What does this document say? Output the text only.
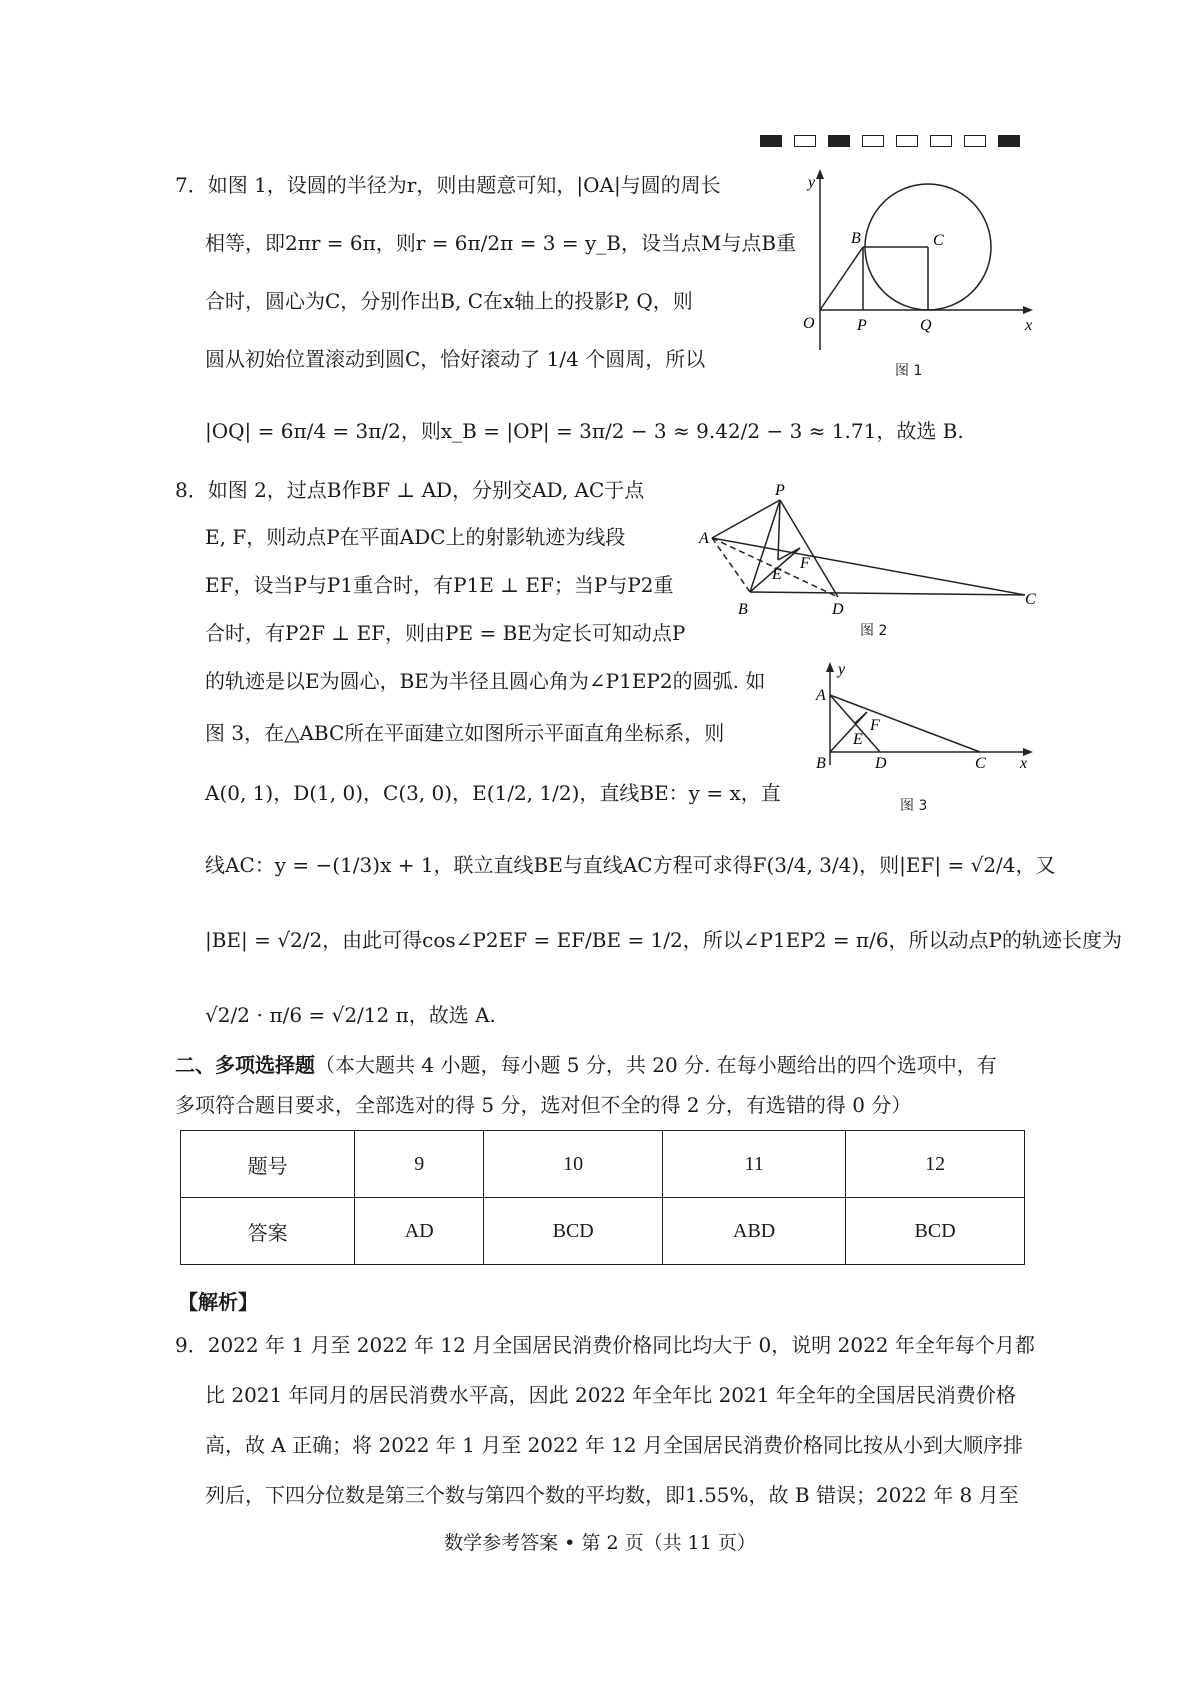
7．如图 1，设圆的半径为r，则由题意可知，|OA|与圆的周长
相等，即2πr = 6π，则r = 6π/2π = 3 = y_B，设当点M与点B重
合时，圆心为C，分别作出B, C在x轴上的投影P, Q，则
圆从初始位置滚动到圆C，恰好滚动了 1/4 个圆周，所以
|OQ| = 6π/4 = 3π/2，则x_B = |OP| = 3π/2 − 3 ≈ 9.42/2 − 3 ≈ 1.71，故选 B.
y
x
O	P	Q
B	C
图 1
8．如图 2，过点B作BF ⊥ AD，分别交AD, AC于点
E, F，则动点P在平面ADC上的射影轨迹为线段
EF，设当P与P1重合时，有P1E ⊥ EF；当P与P2重
合时，有P2F ⊥ EF，则由PE = BE为定长可知动点P
的轨迹是以E为圆心，BE为半径且圆心角为∠P1EP2的圆弧. 如
图 3，在△ABC所在平面建立如图所示平面直角坐标系，则
A(0, 1)，D(1, 0)，C(3, 0)，E(1/2, 1/2)，直线BE：y = x，直
线AC：y = −(1/3)x + 1，联立直线BE与直线AC方程可求得F(3/4, 3/4)，则|EF| = √2/4，又
|BE| = √2/2，由此可得cos∠P2EF = EF/BE = 1/2，所以∠P1EP2 = π/6，所以动点P的轨迹长度为
√2/2 ⋅ π/6 = √2/12 π，故选 A.
P
A
F
E
B	D
C
图 2
y
A
F
E
B	D	C x
图 3
二、多项选择题（本大题共 4 小题，每小题 5 分，共 20 分. 在每小题给出的四个选项中，有
多项符合题目要求，全部选对的得 5 分，选对但不全的得 2 分，有选错的得 0 分）
题号	9	10	11	12
答案	AD	BCD	ABD	BCD
【解析】
9．2022 年 1 月至 2022 年 12 月全国居民消费价格同比均大于 0，说明 2022 年全年每个月都
比 2021 年同月的居民消费水平高，因此 2022 年全年比 2021 年全年的全国居民消费价格
高，故 A 正确；将 2022 年 1 月至 2022 年 12 月全国居民消费价格同比按从小到大顺序排
列后，下四分位数是第三个数与第四个数的平均数，即1.55%，故 B 错误；2022 年 8 月至
数学参考答案 • 第 2 页（共 11 页）
